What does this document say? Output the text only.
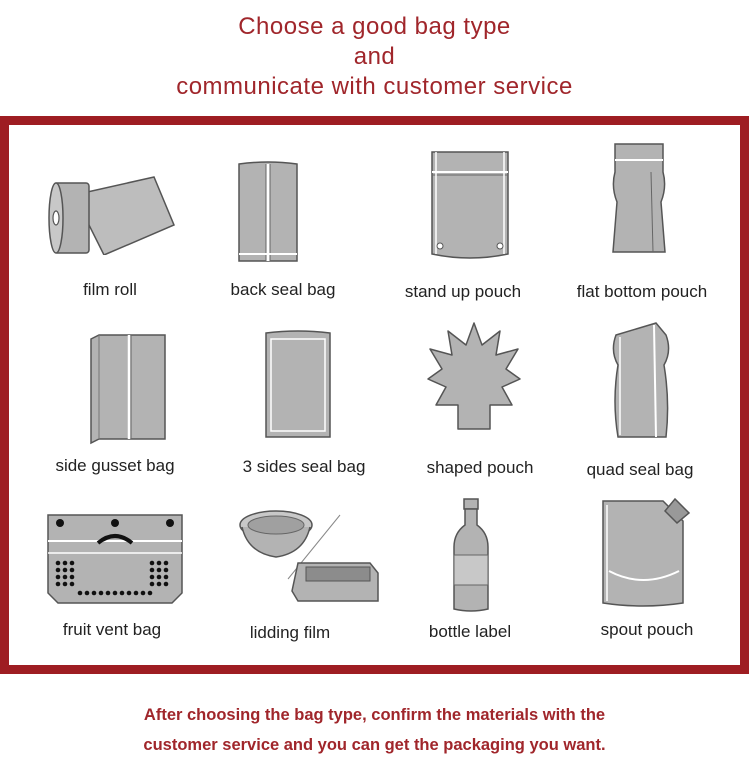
Choose a good bag type
and
communicate with customer service
film roll	back seal bag	stand up pouch	flat bottom pouch
side gusset bag	3 sides seal bag	shaped pouch	quad seal bag
fruit vent bag	lidding film	bottle label	spout pouch
After choosing the bag type, confirm the materials with the
customer service and you can get the packaging you want.
